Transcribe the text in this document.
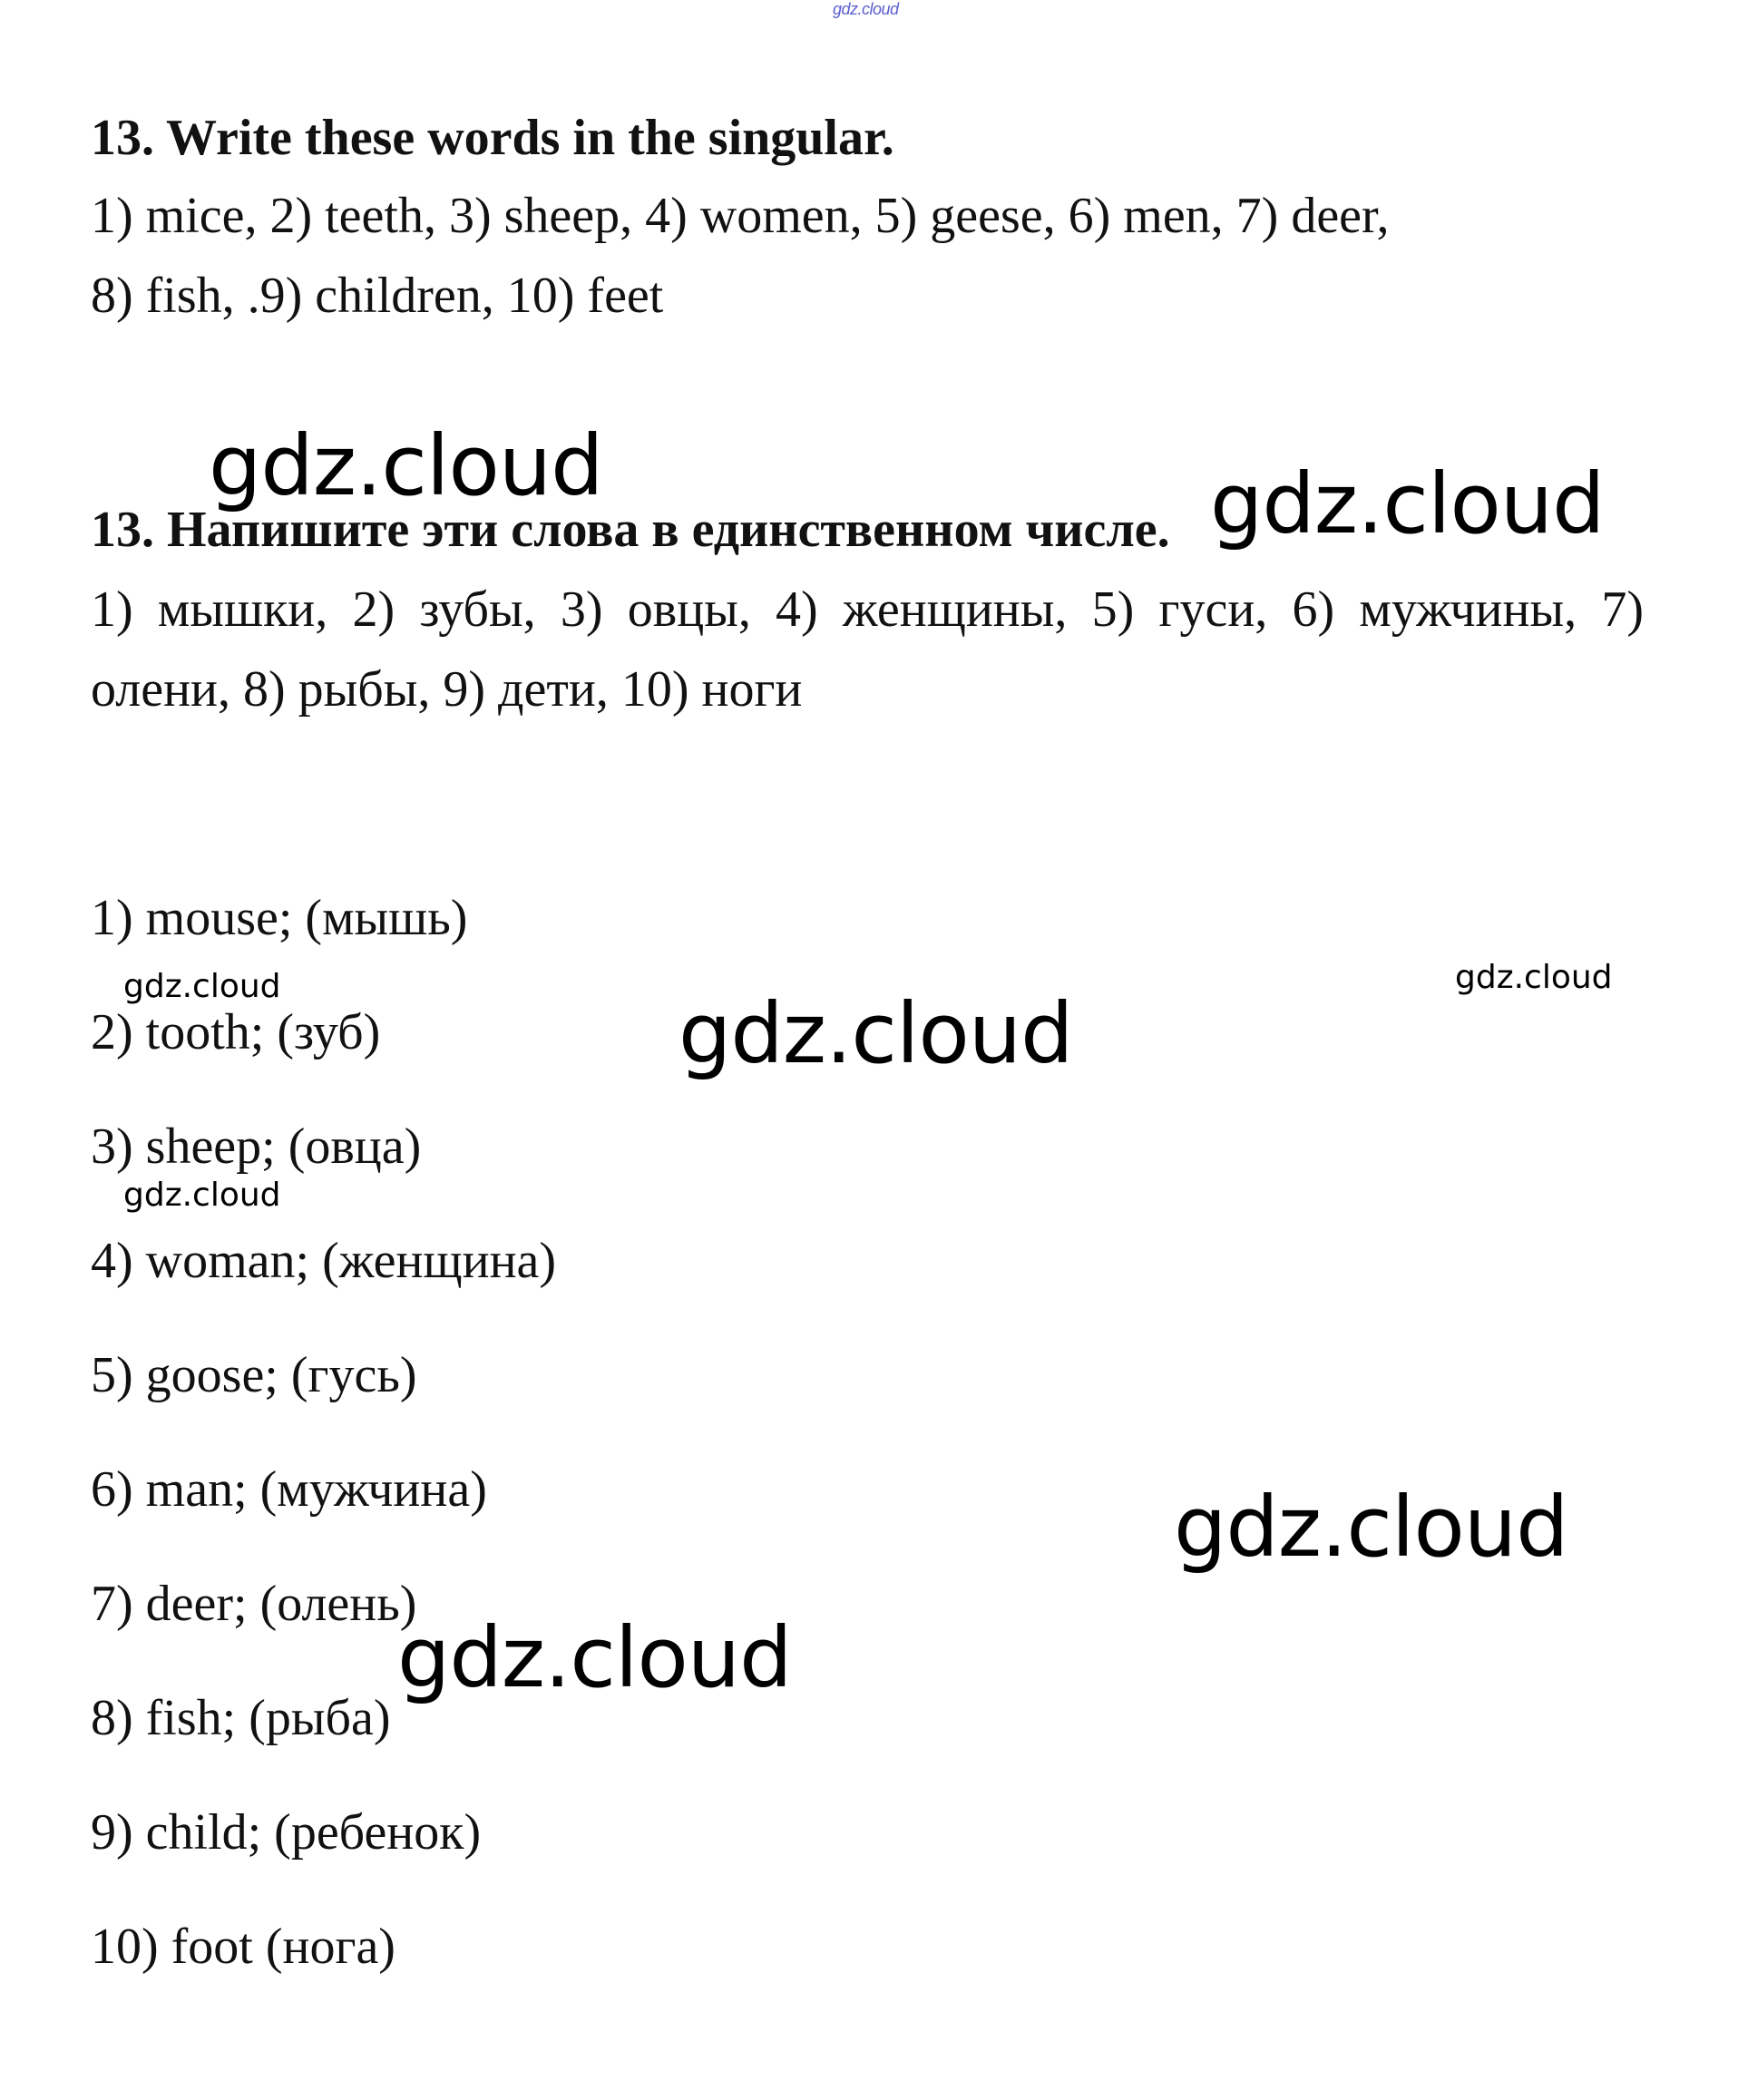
gdz.cloud
13. Write these words in the singular.
1) mice, 2) teeth, 3) sheep, 4) women, 5) geese, 6) men, 7) deer,
8) fish, .9) children, 10) feet
13. Напишите эти слова в единственном числе.
1) мышки, 2) зубы, 3) овцы, 4) женщины, 5) гуси, 6) мужчины, 7)
олени, 8) рыбы, 9) дети, 10) ноги
1) mouse; (мышь)
2) tooth; (зуб)
3) sheep; (овца)
4) woman; (женщина)
5) goose; (гусь)
6) man; (мужчина)
7) deer; (олень)
8) fish; (рыба)
9) child; (ребенок)
10) foot (нога)
gdz.cloud	gdz.cloud
gdz.cloud	gdz.cloud
gdz.cloud
gdz.cloud
gdz.cloud
gdz.cloud
